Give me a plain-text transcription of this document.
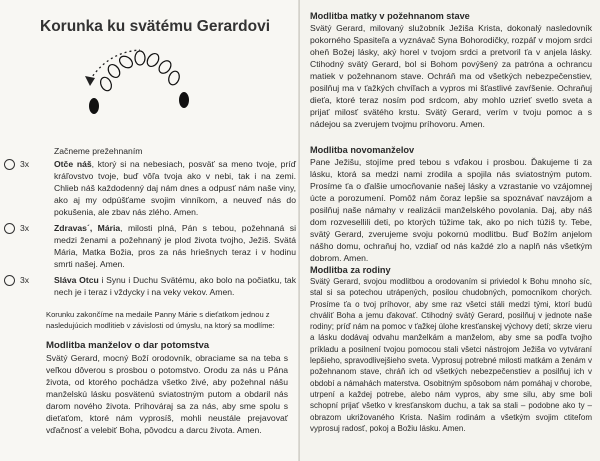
Korunka ku svätému Gerardovi
Začneme prežehnaním
3x	Otče náš, ktorý si na nebesiach, posväť sa meno tvoje, príď kráľovstvo tvoje, buď vôľa tvoja ako v nebi, tak i na zemi. Chlieb náš každodenný daj nám dnes a odpusť nám naše viny, ako aj my odpúšťame svojim vinníkom, a neuveď nás do pokušenia, ale zbav nás zlého. Amen.
3x	Zdravas´, Mária, milosti plná, Pán s tebou, požehnaná si medzi ženami a požehnaný je plod života tvojho, Ježiš. Svätá Mária, Matka Božia, pros za nás hriešnych teraz i v hodinu smrti našej. Amen.
3x	Sláva Otcu i Synu i Duchu Svätému, ako bolo na počiatku, tak nech je i teraz i vždycky i na veky vekov. Amen.
Korunku zakončíme na medaile Panny Márie s dieťatkom jednou z nasledujúcich modlitieb v závislosti od úmyslu, na ktorý sa modlíme:
Modlitba manželov o dar potomstva
Svätý Gerard, mocný Boží orodovník, obraciame sa na teba s veľkou dôverou s prosbou o potomstvo. Orodu za nás u Pána života, od ktorého pochádza všetko živé, aby požehnal nášu manželskú lásku posvätenú sviatostným putom a obdaril nás darom nového života. Prihováraj sa za nás, aby sme spolu s dieťaťom, ktoré nám vyprosíš, mohli neustále prejavovať vďačnosť a velebiť Boha, pôvodcu a darcu života. Amen.
Modlitba matky v požehnanom stave
Svätý Gerard, milovaný služobník Ježiša Krista, dokonalý nasledovník pokorného Spasiteľa a vyznávač Syna Bohorodičky, rozpáľ v mojom srdci oheň Božej lásky, aký horel v tvojom srdci a pretvoril ťa v anjela lásky. Ctihodný svätý Gerard, bol si Bohom povýšený za patróna a ochrancu matiek v požehnanom stave. Ochráň ma od všetkých nebezpečenstiev, posilňuj ma v ťažkých chvíľach a vypros mi šťastlivé zavŕšenie. Ochraňuj dieťa, ktoré teraz nosím pod srdcom, aby mohlo uzrieť svetlo sveta a prijať milosť svätého krstu. Svätý Gerard, verím v tvoju pomoc a s nádejou sa zverujem tvojmu príhovoru. Amen.
Modlitba novomanželov
Pane Ježišu, stojíme pred tebou s vďakou i prosbou. Ďakujeme ti za lásku, ktorá sa medzi nami zrodila a spojila nás sviatostným putom. Prosíme ťa o ďalšie umocňovanie našej lásky a vzrastanie vo vzájomnej úcte a porozumení. Pomôž nám čoraz lepšie sa spoznávať navzájom a posilňuj naše námahy v realizácii manželského povolania. Daj, aby náš dom rozvesellili deti, po ktorých túžime tak, ako po nich túžiš ty. Tebe, svätý Gerard, zverujeme svoju pokornú modlitbu. Buď Božím anjelom nášho domu, ochraňuj ho, vzdiaľ od nás každé zlo a naplň nás všetkým dobrom. Amen.
Modlitba za rodiny
Svätý Gerard, svojou modlitbou a orodovaním si priviedol k Bohu mnoho síc, stal si sa potechou utrápených, posilou chudobných, pomocníkom chorých. Prosíme ťa o tvoj príhovor, aby sme raz všetci stáli medzi tými, ktorí budú chváliť Boha a jemu ďakovať. Ctihodný svätý Gerard, posilňuj v jednote naše rodiny; príď nám na pomoc v ťažkej úlohe kresťanskej výchovy detí; skrze vieru a lásku dodávaj odvahu manželkám a manželom, aby sme sa podľa tvojho príkladu a posilnení tvojou pomocou stali všetci nástrojom Ježiša vo vytváraní lepšieho, spravodlivejšieho sveta. Vyprosuj potrebné milosti matkám a ženám v požehnanom stave, chráň ich od všetkých nebezpečenstiev a posilňuj ich v období a námahách materstva. Osobitným spôsobom nám pomáhaj v chorobe, utrpení a každej potrebe, alebo nám vypros, aby sme silu, aby sme boli schopní prijať všetko v kresťanskom duchu, a tak sa stali – podobne ako ty – obrazom ukrižovaného Krista. Našim rodinám a všetkým svojim ctiteľom vyprosuj radosť, pokoj a Božiu lásku. Amen.
